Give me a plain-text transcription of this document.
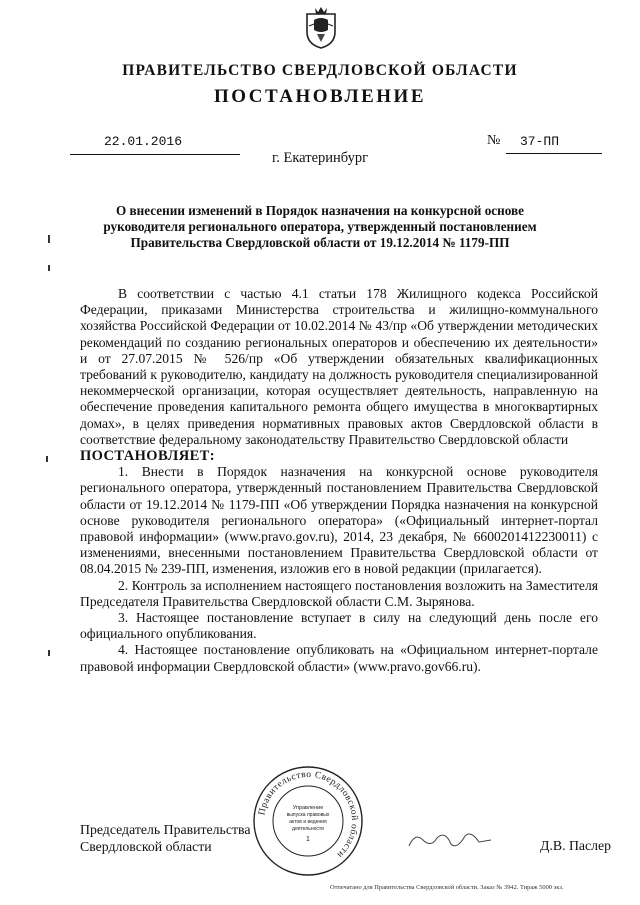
ПРАВИТЕЛЬСТВО СВЕРДЛОВСКОЙ ОБЛАСТИ
ПОСТАНОВЛЕНИЕ
22.01.2016	№ 37-ПП
г. Екатеринбург
О внесении изменений в Порядок назначения на конкурсной основе руководителя регионального оператора, утвержденный постановлением Правительства Свердловской области от 19.12.2014 № 1179-ПП

В соответствии с частью 4.1 статьи 178 Жилищного кодекса Российской Федерации, приказами Министерства строительства и жилищно-коммунального хозяйства Российской Федерации от 10.02.2014 № 43/пр «Об утверждении методических рекомендаций по созданию региональных операторов и обеспечению их деятельности» и от 27.07.2015 № 526/пр «Об утверждении обязательных квалификационных требований к руководителю, кандидату на должность руководителя специализированной некоммерческой организации, которая осуществляет деятельность, направленную на обеспечение проведения капитального ремонта общего имущества в многоквартирных домах», в целях приведения нормативных правовых актов Свердловской области в соответствие федеральному законодательству Правительство Свердловской области

ПОСТАНОВЛЯЕТ:

1. Внести в Порядок назначения на конкурсной основе руководителя регионального оператора, утвержденный постановлением Правительства Свердловской области от 19.12.2014 № 1179-ПП «Об утверждении Порядка назначения на конкурсной основе руководителя регионального оператора» («Официальный интернет-портал правовой информации» (www.pravo.gov.ru), 2014, 23 декабря, № 6600201412230011) с изменениями, внесенными постановлением Правительства Свердловской области от 08.04.2015 № 239-ПП, изменения, изложив его в новой редакции (прилагается).

2. Контроль за исполнением настоящего постановления возложить на Заместителя Председателя Правительства Свердловской области С.М. Зырянова.

3. Настоящее постановление вступает в силу на следующий день после его официального опубликования.

4. Настоящее постановление опубликовать на «Официальном интернет-портале правовой информации Свердловской области» (www.pravo.gov66.ru).

Правительство Свердловской области
Управление
выпуска правовых
актов и ведения
деятельности
1
Председатель Правительства
Свердловской области	Д.В. Паслер
Отпечатано для Правительства Свердловской области. Заказ № 3942. Тираж 5000 экз.
